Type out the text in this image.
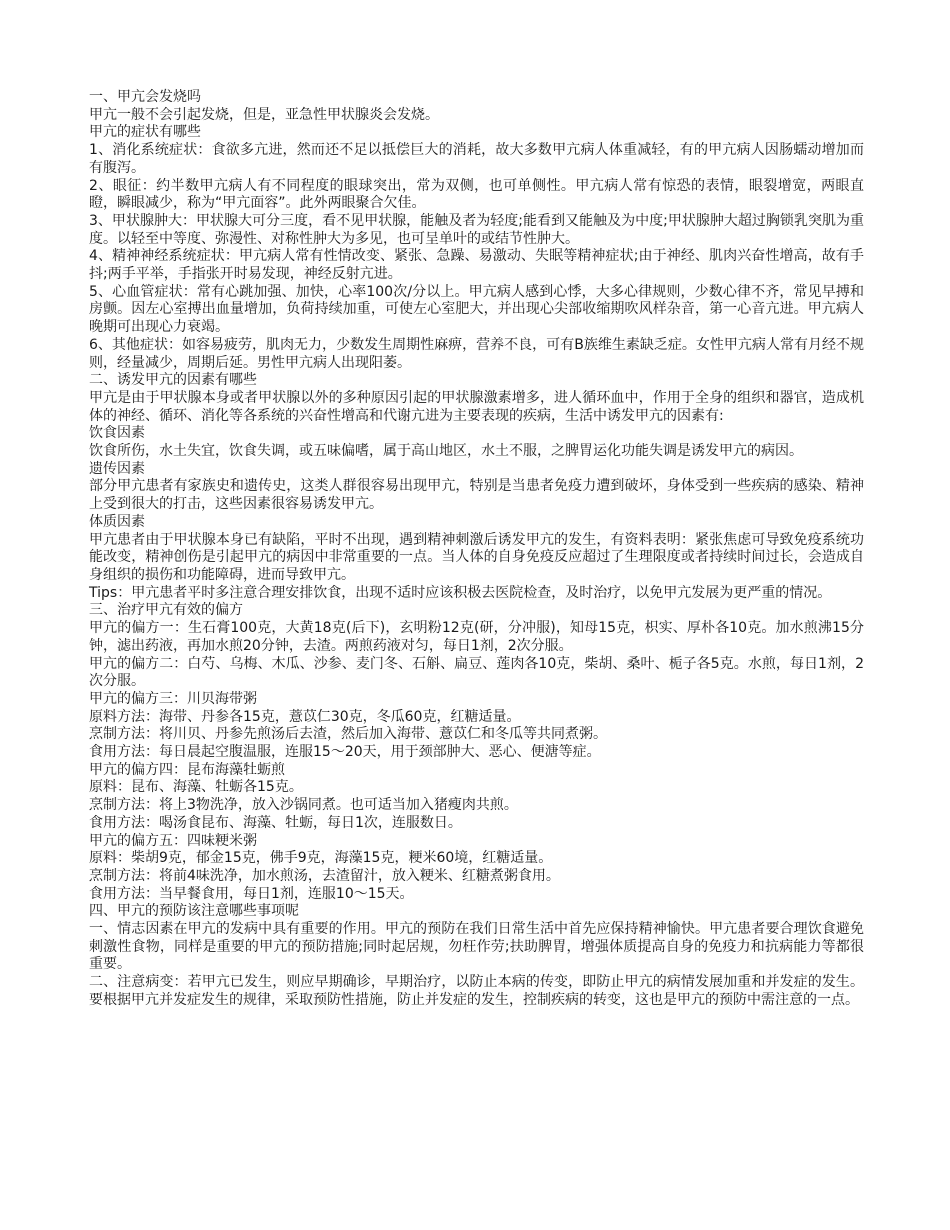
一、甲亢会发烧吗

甲亢一般不会引起发烧，但是，亚急性甲状腺炎会发烧。

甲亢的症状有哪些

1、消化系统症状：食欲多亢进，然而还不足以抵偿巨大的消耗，故大多数甲亢病人体重减轻，有的甲亢病人因肠蠕动增加而有腹泻。

2、眼征：约半数甲亢病人有不同程度的眼球突出，常为双侧，也可单侧性。甲亢病人常有惊恐的表情，眼裂增宽，两眼直瞪，瞬眼减少，称为“甲亢面容”。此外两眼聚合欠佳。

3、甲状腺肿大：甲状腺大可分三度，看不见甲状腺，能触及者为轻度;能看到又能触及为中度;甲状腺肿大超过胸锁乳突肌为重度。以轻至中等度、弥漫性、对称性肿大为多见，也可呈单叶的或结节性肿大。

4、精神神经系统症状：甲亢病人常有性情改变、紧张、急躁、易激动、失眠等精神症状;由于神经、肌肉兴奋性增高，故有手抖;两手平举，手指张开时易发现，神经反射亢进。

5、心血管症状：常有心跳加强、加快，心率100次/分以上。甲亢病人感到心悸，大多心律规则，少数心律不齐，常见早搏和房颤。因左心室搏出血量增加，负荷持续加重，可使左心室肥大，并出现心尖部收缩期吹风样杂音，第一心音亢进。甲亢病人晚期可出现心力衰竭。

6、其他症状：如容易疲劳，肌肉无力，少数发生周期性麻痹，营养不良，可有B族维生素缺乏症。女性甲亢病人常有月经不规则，经量减少，周期后延。男性甲亢病人出现阳萎。

二、诱发甲亢的因素有哪些

甲亢是由于甲状腺本身或者甲状腺以外的多种原因引起的甲状腺激素增多，进人循环血中，作用于全身的组织和器官，造成机体的神经、循环、消化等各系统的兴奋性增高和代谢亢进为主要表现的疾病，生活中诱发甲亢的因素有:

饮食因素

饮食所伤，水土失宜，饮食失调，或五味偏嗜，属于高山地区，水土不服，之脾胃运化功能失调是诱发甲亢的病因。

遗传因素

部分甲亢患者有家族史和遗传史，这类人群很容易出现甲亢，特别是当患者免疫力遭到破坏，身体受到一些疾病的感染、精神上受到很大的打击，这些因素很容易诱发甲亢。

体质因素

甲亢患者由于甲状腺本身已有缺陷，平时不出现，遇到精神刺激后诱发甲亢的发生，有资料表明：紧张焦虑可导致免疫系统功能改变，精神创伤是引起甲亢的病因中非常重要的一点。当人体的自身免疫反应超过了生理限度或者持续时间过长，会造成自身组织的损伤和功能障碍，进而导致甲亢。

Tips：甲亢患者平时多注意合理安排饮食，出现不适时应该积极去医院检查，及时治疗，以免甲亢发展为更严重的情况。

三、治疗甲亢有效的偏方

甲亢的偏方一：生石膏100克，大黄18克(后下)，玄明粉12克(研，分冲服)，知母15克，枳实、厚朴各10克。加水煎沸15分钟，滤出药液，再加水煎20分钟，去渣。两煎药液对匀，每日1剂，2次分服。

甲亢的偏方二：白芍、乌梅、木瓜、沙参、麦门冬、石斛、扁豆、莲肉各10克，柴胡、桑叶、栀子各5克。水煎，每日1剂，2次分服。

甲亢的偏方三：川贝海带粥

原料方法：海带、丹参各15克，薏苡仁30克，冬瓜60克，红糖适量。

烹制方法：将川贝、丹参先煎汤后去渣，然后加入海带、薏苡仁和冬瓜等共同煮粥。

食用方法：每日晨起空腹温服，连服15～20天，用于颈部肿大、恶心、便溏等症。

甲亢的偏方四：昆布海藻牡蛎煎

原料：昆布、海藻、牡蛎各15克。

烹制方法：将上3物洗净，放入沙锅同煮。也可适当加入猪瘦肉共煎。

食用方法：喝汤食昆布、海藻、牡蛎，每日1次，连服数日。

甲亢的偏方五：四味粳米粥

原料：柴胡9克，郁金15克，佛手9克，海藻15克，粳米60境，红糖适量。

烹制方法：将前4味洗净，加水煎汤，去渣留汁，放入粳米、红糖煮粥食用。

食用方法：当早餐食用，每日1剂，连服10～15天。

四、甲亢的预防该注意哪些事项呢

一、情志因素在甲亢的发病中具有重要的作用。甲亢的预防在我们日常生活中首先应保持精神愉快。甲亢患者要合理饮食避免刺激性食物，同样是重要的甲亢的预防措施;同时起居规，勿枉作劳;扶助脾胃，增强体质提高自身的免疫力和抗病能力等都很重要。

二、注意病变：若甲亢已发生，则应早期确诊，早期治疗，以防止本病的传变，即防止甲亢的病情发展加重和并发症的发生。要根据甲亢并发症发生的规律，采取预防性措施，防止并发症的发生，控制疾病的转变，这也是甲亢的预防中需注意的一点。
